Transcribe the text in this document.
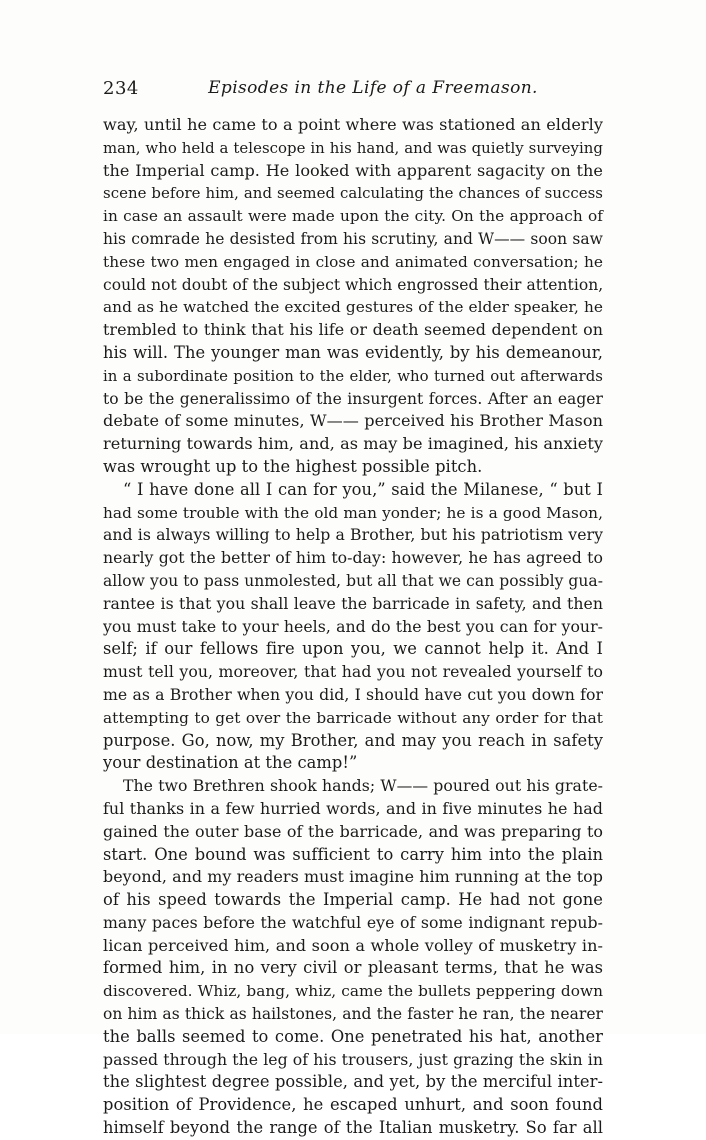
234	Episodes in the Life of a Freemason.
way, until he came to a point where was stationed an elderly
man, who held a telescope in his hand, and was quietly surveying
the Imperial camp. He looked with apparent sagacity on the
scene before him, and seemed calculating the chances of success
in case an assault were made upon the city. On the approach of
his comrade he desisted from his scrutiny, and W—— soon saw
these two men engaged in close and animated conversation; he
could not doubt of the subject which engrossed their attention,
and as he watched the excited gestures of the elder speaker, he
trembled to think that his life or death seemed dependent on
his will. The younger man was evidently, by his demeanour,
in a subordinate position to the elder, who turned out afterwards
to be the generalissimo of the insurgent forces. After an eager
debate of some minutes, W—— perceived his Brother Mason
returning towards him, and, as may be imagined, his anxiety
was wrought up to the highest possible pitch.
“ I have done all I can for you,” said the Milanese, “ but I
had some trouble with the old man yonder; he is a good Mason,
and is always willing to help a Brother, but his patriotism very
nearly got the better of him to-day: however, he has agreed to
allow you to pass unmolested, but all that we can possibly gua-
rantee is that you shall leave the barricade in safety, and then
you must take to your heels, and do the best you can for your-
self; if our fellows fire upon you, we cannot help it. And I
must tell you, moreover, that had you not revealed yourself to
me as a Brother when you did, I should have cut you down for
attempting to get over the barricade without any order for that
purpose. Go, now, my Brother, and may you reach in safety
your destination at the camp!”
The two Brethren shook hands; W—— poured out his grate-
ful thanks in a few hurried words, and in five minutes he had
gained the outer base of the barricade, and was preparing to
start. One bound was sufficient to carry him into the plain
beyond, and my readers must imagine him running at the top
of his speed towards the Imperial camp. He had not gone
many paces before the watchful eye of some indignant repub-
lican perceived him, and soon a whole volley of musketry in-
formed him, in no very civil or pleasant terms, that he was
discovered. Whiz, bang, whiz, came the bullets peppering down
on him as thick as hailstones, and the faster he ran, the nearer
the balls seemed to come. One penetrated his hat, another
passed through the leg of his trousers, just grazing the skin in
the slightest degree possible, and yet, by the merciful inter-
position of Providence, he escaped unhurt, and soon found
himself beyond the range of the Italian musketry. So far all
